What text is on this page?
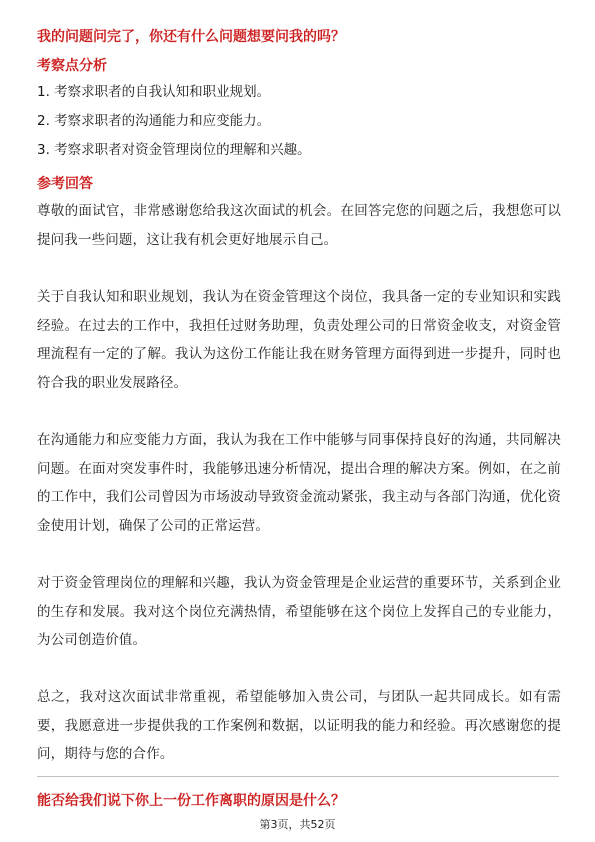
我的问题问完了，你还有什么问题想要问我的吗？
考察点分析
1. 考察求职者的自我认知和职业规划。
2. 考察求职者的沟通能力和应变能力。
3. 考察求职者对资金管理岗位的理解和兴趣。
参考回答
尊敬的面试官，非常感谢您给我这次面试的机会。在回答完您的问题之后，我想您可以提问我一些问题，这让我有机会更好地展示自己。
关于自我认知和职业规划，我认为在资金管理这个岗位，我具备一定的专业知识和实践经验。在过去的工作中，我担任过财务助理，负责处理公司的日常资金收支，对资金管理流程有一定的了解。我认为这份工作能让我在财务管理方面得到进一步提升，同时也符合我的职业发展路径。
在沟通能力和应变能力方面，我认为我在工作中能够与同事保持良好的沟通，共同解决问题。在面对突发事件时，我能够迅速分析情况，提出合理的解决方案。例如，在之前的工作中，我们公司曾因为市场波动导致资金流动紧张，我主动与各部门沟通，优化资金使用计划，确保了公司的正常运营。
对于资金管理岗位的理解和兴趣，我认为资金管理是企业运营的重要环节，关系到企业的生存和发展。我对这个岗位充满热情，希望能够在这个岗位上发挥自己的专业能力，为公司创造价值。
总之，我对这次面试非常重视，希望能够加入贵公司，与团队一起共同成长。如有需要，我愿意进一步提供我的工作案例和数据，以证明我的能力和经验。再次感谢您的提问，期待与您的合作。
能否给我们说下你上一份工作离职的原因是什么？
第3页，共52页
